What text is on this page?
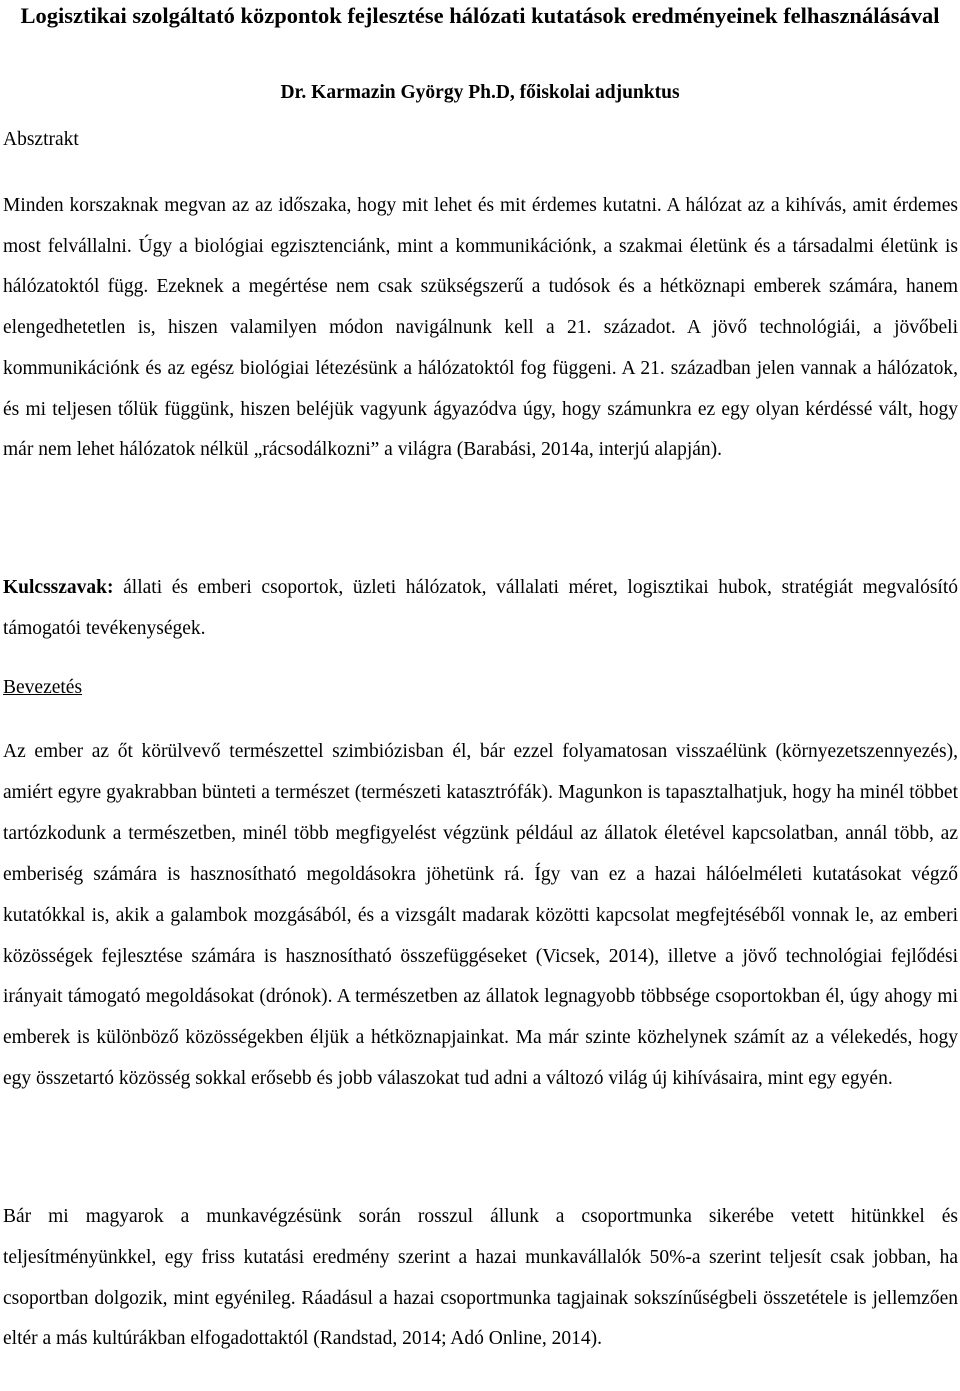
Logisztikai szolgáltató központok fejlesztése hálózati kutatások eredményeinek felhasználásával
Dr. Karmazin György Ph.D, főiskolai adjunktus
Absztrakt

Minden korszaknak megvan az az időszaka, hogy mit lehet és mit érdemes kutatni. A hálózat az a kihívás, amit érdemes most felvállalni. Úgy a biológiai egzisztenciánk, mint a kommunikációnk, a szakmai életünk és a társadalmi életünk is hálózatoktól függ. Ezeknek a megértése nem csak szükségszerű a tudósok és a hétköznapi emberek számára, hanem elengedhetetlen is, hiszen valamilyen módon navigálnunk kell a 21. századot. A jövő technológiái, a jövőbeli kommunikációnk és az egész biológiai létezésünk a hálózatoktól fog függeni. A 21. században jelen vannak a hálózatok, és mi teljesen tőlük függünk, hiszen beléjük vagyunk ágyazódva úgy, hogy számunkra ez egy olyan kérdéssé vált, hogy már nem lehet hálózatok nélkül „rácsodálkozni” a világra (Barabási, 2014a, interjú alapján).

Kulcsszavak: állati és emberi csoportok, üzleti hálózatok, vállalati méret, logisztikai hubok, stratégiát megvalósító támogatói tevékenységek.

Bevezetés

Az ember az őt körülvevő természettel szimbiózisban él, bár ezzel folyamatosan visszaélünk (környezetszennyezés), amiért egyre gyakrabban bünteti a természet (természeti katasztrófák). Magunkon is tapasztalhatjuk, hogy ha minél többet tartózkodunk a természetben, minél több megfigyelést végzünk például az állatok életével kapcsolatban, annál több, az emberiség számára is hasznosítható megoldásokra jöhetünk rá. Így van ez a hazai hálóelméleti kutatásokat végző kutatókkal is, akik a galambok mozgásából, és a vizsgált madarak közötti kapcsolat megfejtéséből vonnak le, az emberi közösségek fejlesztése számára is hasznosítható összefüggéseket (Vicsek, 2014), illetve a jövő technológiai fejlődési irányait támogató megoldásokat (drónok). A természetben az állatok legnagyobb többsége csoportokban él, úgy ahogy mi emberek is különböző közösségekben éljük a hétköznapjainkat. Ma már szinte közhelynek számít az a vélekedés, hogy egy összetartó közösség sokkal erősebb és jobb válaszokat tud adni a változó világ új kihívásaira, mint egy egyén.

Bár mi magyarok a munkavégzésünk során rosszul állunk a csoportmunka sikerébe vetett hitünkkel és teljesítményünkkel, egy friss kutatási eredmény szerint a hazai munkavállalók 50%-a szerint teljesít csak jobban, ha csoportban dolgozik, mint egyénileg. Ráadásul a hazai csoportmunka tagjainak sokszínűségbeli összetétele is jellemzően eltér a más kultúrákban elfogadottaktól (Randstad, 2014; Adó Online, 2014).
